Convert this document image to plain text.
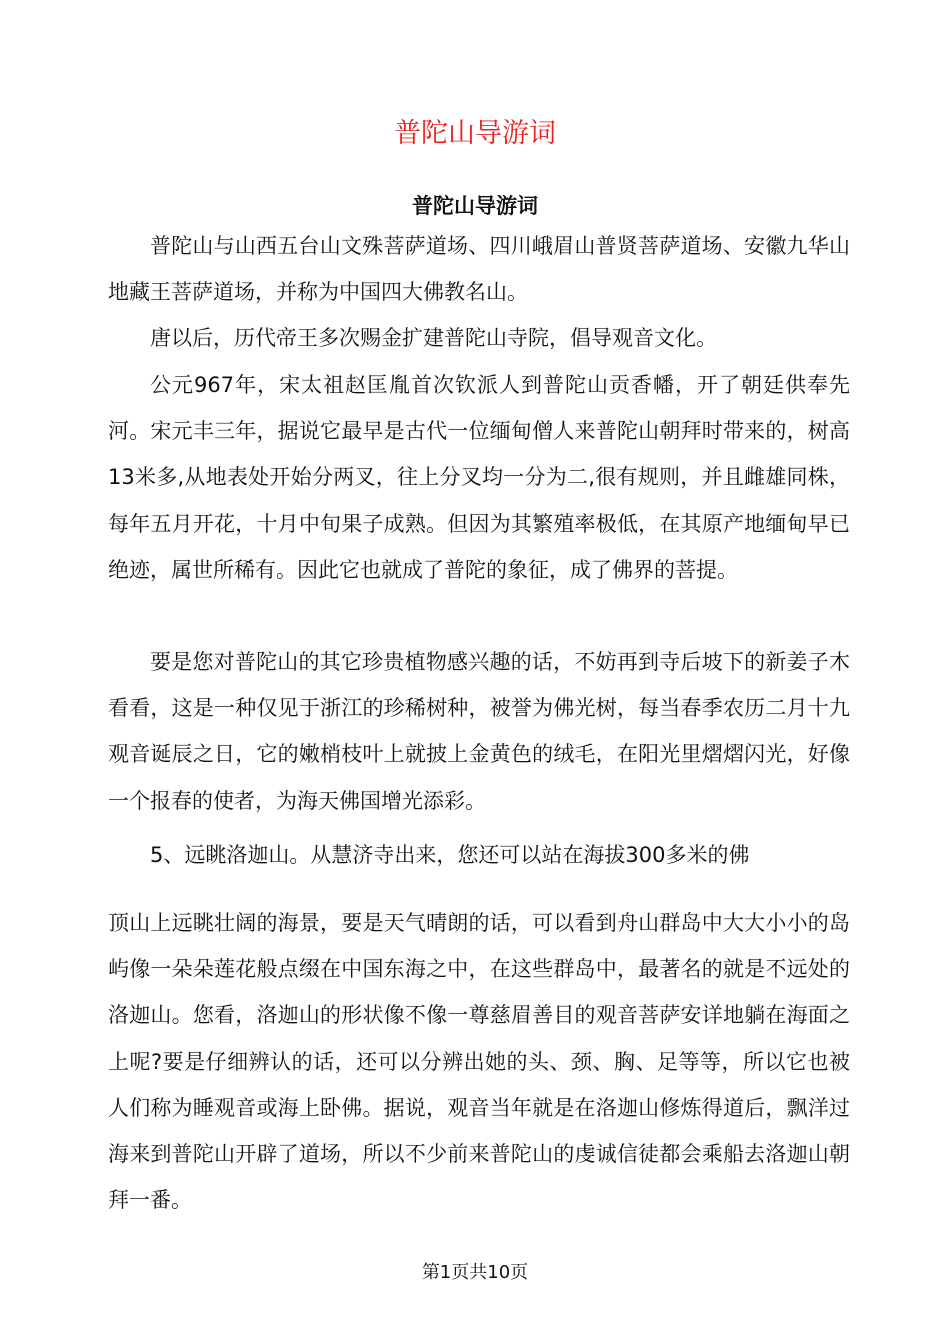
普陀山导游词
普陀山导游词

普陀山与山西五台山文殊菩萨道场、四川峨眉山普贤菩萨道场、安徽九华山地藏王菩萨道场，并称为中国四大佛教名山。

唐以后，历代帝王多次赐金扩建普陀山寺院，倡导观音文化。

公元967年，宋太祖赵匡胤首次钦派人到普陀山贡香幡，开了朝廷供奉先河。宋元丰三年，据说它最早是古代一位缅甸僧人来普陀山朝拜时带来的，树高13米多,从地表处开始分两叉，往上分叉均一分为二,很有规则，并且雌雄同株，每年五月开花，十月中旬果子成熟。但因为其繁殖率极低，在其原产地缅甸早已绝迹，属世所稀有。因此它也就成了普陀的象征，成了佛界的菩提。

要是您对普陀山的其它珍贵植物感兴趣的话，不妨再到寺后坡下的新姜子木看看，这是一种仅见于浙江的珍稀树种，被誉为佛光树，每当春季农历二月十九观音诞辰之日，它的嫩梢枝叶上就披上金黄色的绒毛，在阳光里熠熠闪光，好像一个报春的使者，为海天佛国增光添彩。

5、远眺洛迦山。从慧济寺出来，您还可以站在海拔300多米的佛

顶山上远眺壮阔的海景，要是天气晴朗的话，可以看到舟山群岛中大大小小的岛屿像一朵朵莲花般点缀在中国东海之中，在这些群岛中，最著名的就是不远处的洛迦山。您看，洛迦山的形状像不像一尊慈眉善目的观音菩萨安详地躺在海面之上呢?要是仔细辨认的话，还可以分辨出她的头、颈、胸、足等等，所以它也被人们称为睡观音或海上卧佛。据说，观音当年就是在洛迦山修炼得道后，飘洋过海来到普陀山开辟了道场，所以不少前来普陀山的虔诚信徒都会乘船去洛迦山朝拜一番。

第1页共10页
